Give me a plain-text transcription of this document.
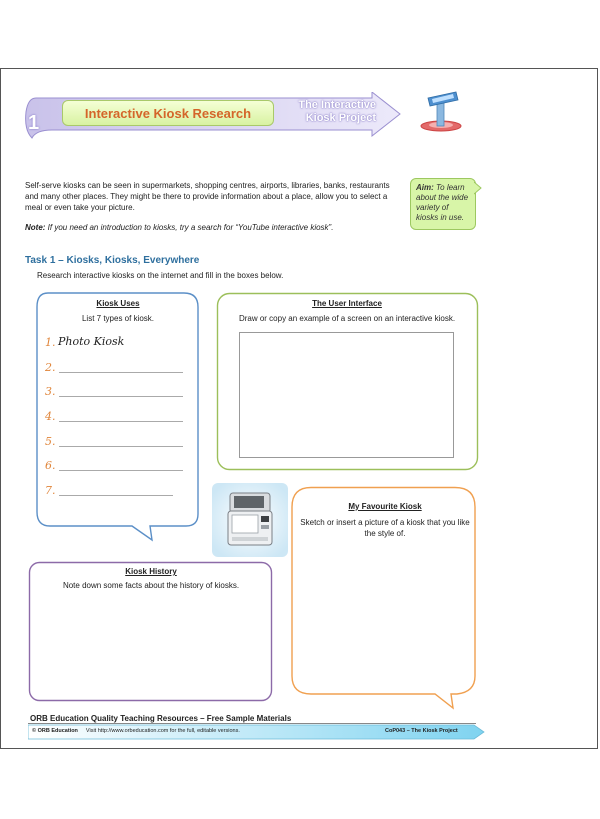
1	Interactive Kiosk Research
The Interactive
Kiosk Project
Self-serve kiosks can be seen in supermarkets, shopping centres, airports, libraries, banks, restaurants and many other places. They might be there to provide information about a place, allow you to select a meal or even take your picture.
Note: If you need an introduction to kiosks, try a search for “YouTube interactive kiosk”.
Aim: To learn about the wide variety of kiosks in use.
Task 1 – Kiosks, Kiosks, Everywhere
Research interactive kiosks on the internet and fill in the boxes below.
Kiosk Uses
List 7 types of kiosk.
1. Photo Kiosk
2.
3.
4.
5.
6.
7.
The User Interface
Draw or copy an example of a screen on an interactive kiosk.
My Favourite Kiosk
Sketch or insert a picture of a kiosk that you like the style of.
Kiosk History
Note down some facts about the history of kiosks.
ORB Education Quality Teaching Resources – Free Sample Materials
© ORB Education Visit http://www.orbeducation.com for the full, editable versions.	CoP043 – The Kiosk Project
